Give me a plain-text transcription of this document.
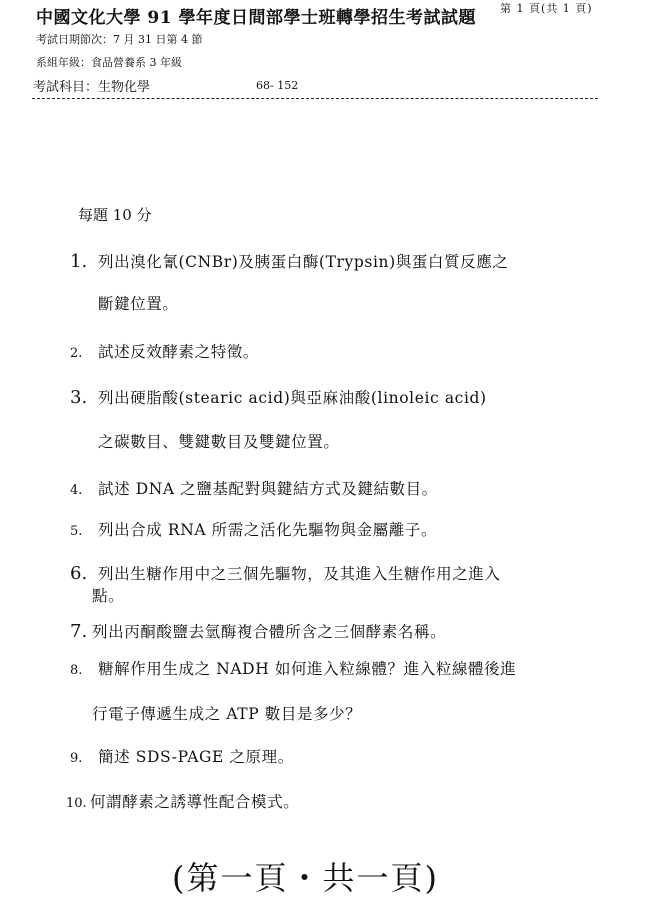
中國文化大學 91 學年度日間部學士班轉學招生考試試題 第 1 頁(共 1 頁)
考試日期節次：7 月 31 日第 4 節
系組年級：食品營養系 3 年級
考試科目：生物化學	68- 152
每題 10 分
1. 列出溴化氰(CNBr)及胰蛋白酶(Trypsin)與蛋白質反應之
斷鍵位置。
2. 試述反效酵素之特徵。
3. 列出硬脂酸(stearic acid)與亞麻油酸(linoleic acid)
之碳數目、雙鍵數目及雙鍵位置。
4. 試述 DNA 之鹽基配對與鍵結方式及鍵結數目。
5. 列出合成 RNA 所需之活化先驅物與金屬離子。
6. 列出生糖作用中之三個先驅物，及其進入生糖作用之進入
點。
7. 列出丙酮酸鹽去氫酶複合體所含之三個酵素名稱。
8. 糖解作用生成之 NADH 如何進入粒線體？進入粒線體後進
行電子傳遞生成之 ATP 數目是多少？
9. 簡述 SDS-PAGE 之原理。
10. 何謂酵素之誘導性配合模式。
(第一頁・共一頁)
